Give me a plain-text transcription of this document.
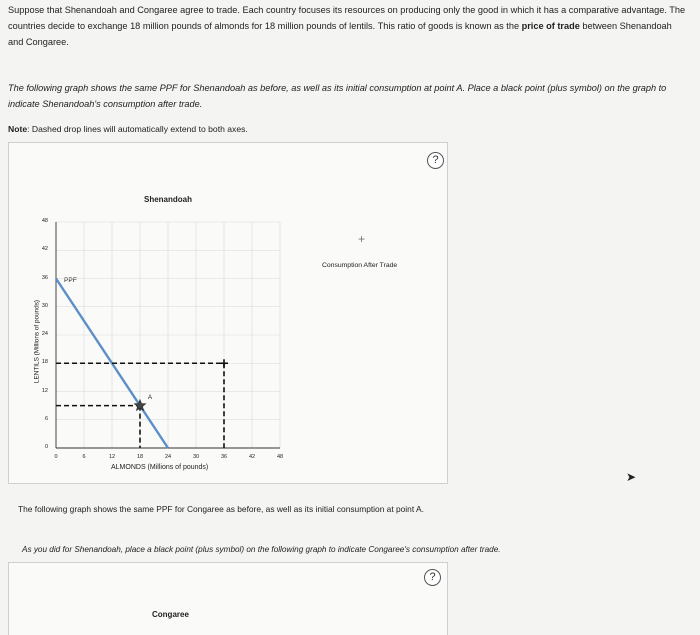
Suppose that Shenandoah and Congaree agree to trade. Each country focuses its resources on producing only the good in which it has a comparative advantage. The countries decide to exchange 18 million pounds of almonds for 18 million pounds of lentils. This ratio of goods is known as the price of trade between Shenandoah and Congaree.
The following graph shows the same PPF for Shenandoah as before, as well as its initial consumption at point A. Place a black point (plus symbol) on the graph to indicate Shenandoah's consumption after trade.
Note: Dashed drop lines will automatically extend to both axes.
?
Shenandoah
LENTILS (Millions of pounds)
ALMONDS (Millions of pounds)
PPF
A
+
Consumption After Trade
The following graph shows the same PPF for Congaree as before, as well as its initial consumption at point A.
As you did for Shenandoah, place a black point (plus symbol) on the following graph to indicate Congaree's consumption after trade.
➤
?
Congaree
0	6	12	18	24	30	36	42	48
0
6
12
18
24
30
36
42
48
